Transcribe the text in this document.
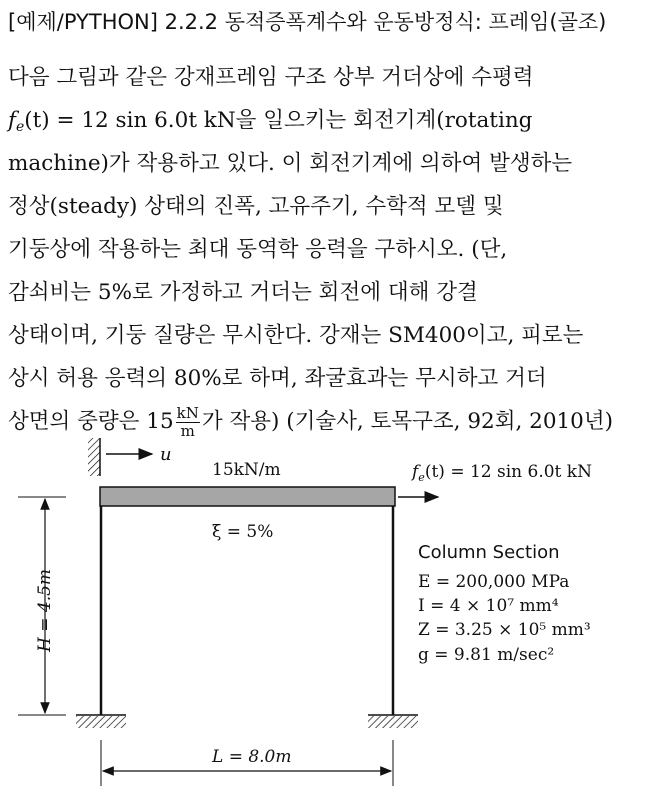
[예제/PYTHON] 2.2.2 동적증폭계수와 운동방정식: 프레임(골조)
다음 그림과 같은 강재프레임 구조 상부 거더상에 수평력
$f_e(t) = 12$ sin 6.0t kN을 일으키는 회전기계(rotating
machine)가 작용하고 있다. 이 회전기계에 의하여 발생하는
정상(steady) 상태의 진폭, 고유주기, 수학적 모델 및
기둥상에 작용하는 최대 동역학 응력을 구하시오. (단,
감쇠비는 5%로 가정하고 거더는 회전에 대해 강결
상태이며, 기둥 질량은 무시한다. 강재는 SM400이고, 피로는
상시 허용 응력의 80%로 하며, 좌굴효과는 무시하고 거더
상면의 중량은 $15 \frac{kN}{m}$ 가 작용) (기술사, 토목구조, 92회, 2010년)
u
15kN/m	$f_e(t) = 12$ sin 6.0t kN
ξ = 5%
H = 4.5m
L = 8.0m
Column Section
E = 200,000 MPa
I = 4 × 10⁷ mm⁴
Z = 3.25 × 10⁵ mm³
g = 9.81 m/sec²
